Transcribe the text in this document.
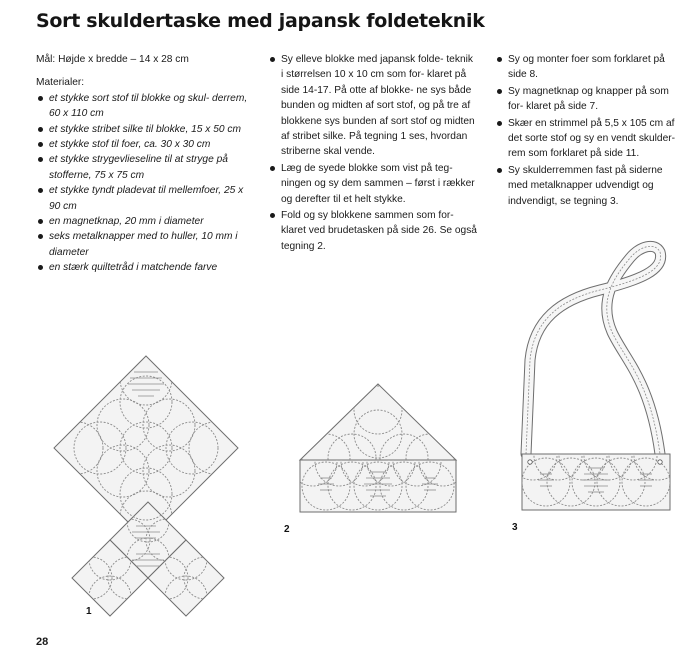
Sort skuldertaske med japansk foldeteknik
Mål: Højde x bredde – 14 x 28 cm
Materialer:
et stykke sort stof til blokke og skul- derrem, 60 x 110 cm
et stykke stribet silke til blokke, 15 x 50 cm
et stykke stof til foer, ca. 30 x 30 cm
et stykke strygevlieseline til at stryge på stofferne, 75 x 75 cm
et stykke tyndt pladevat til mellemfoer, 25 x 90 cm
en magnetknap, 20 mm i diameter
seks metalknapper med to huller, 10 mm i diameter
en stærk quiltetråd i matchende farve
Sy elleve blokke med japansk folde- teknik i størrelsen 10 x 10 cm som for- klaret på side 14-17. På otte af blokke- ne sys både bunden og midten af sort stof, og på tre af blokkene sys bunden af sort stof og midten af stribet silke. På tegning 1 ses, hvordan striberne skal vende.
Læg de syede blokke som vist på teg- ningen og sy dem sammen – først i rækker og derefter til et helt stykke.
Fold og sy blokkene sammen som for- klaret ved brudetasken på side 26. Se også tegning 2.
Sy og monter foer som forklaret på side 8.
Sy magnetknap og knapper på som for- klaret på side 7.
Skær en strimmel på 5,5 x 105 cm af det sorte stof og sy en vendt skulder- rem som forklaret på side 11.
Sy skulderremmen fast på siderne med metalknapper udvendigt og indvendigt, se tegning 3.
1
2	3
28
